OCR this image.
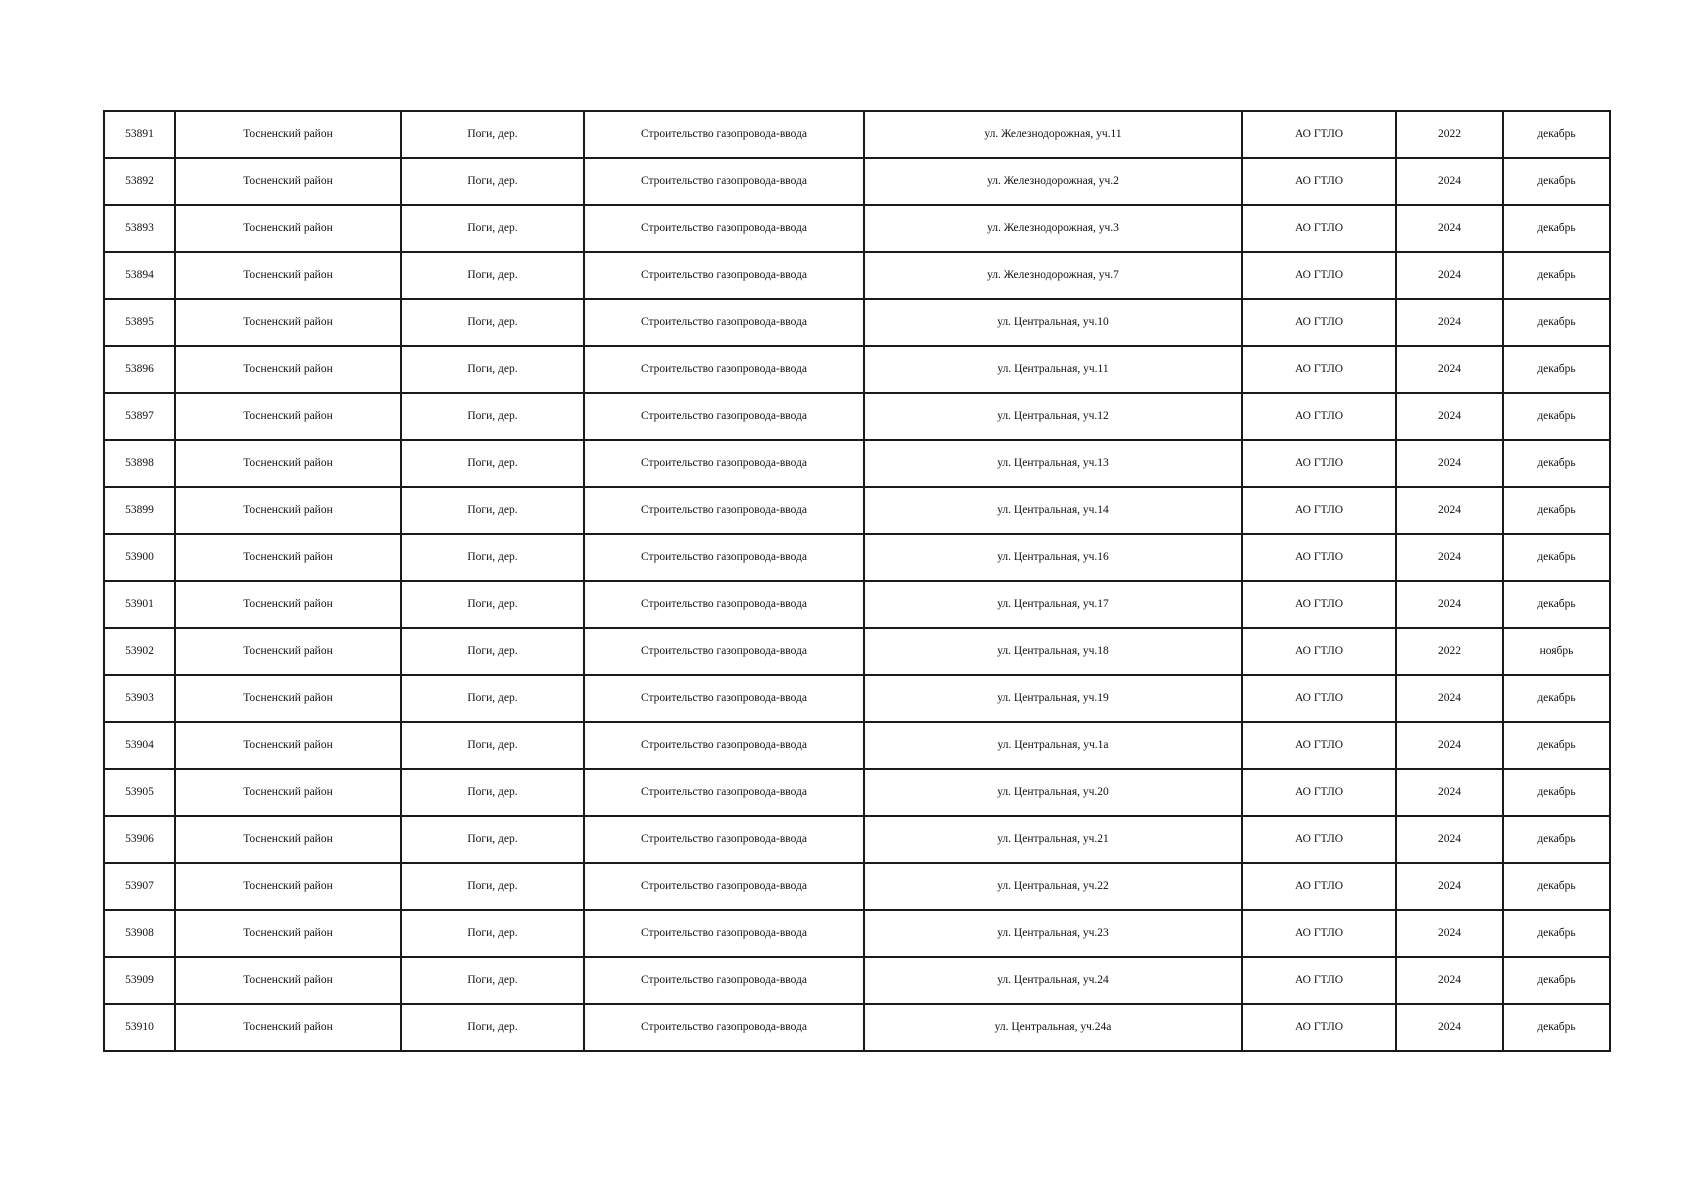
53891	Тосненский район	Поги, дер.	Строительство газопровода-ввода	ул. Железнодорожная, уч.11	АО ГТЛО	2022	декабрь
53892	Тосненский район	Поги, дер.	Строительство газопровода-ввода	ул. Железнодорожная, уч.2	АО ГТЛО	2024	декабрь
53893	Тосненский район	Поги, дер.	Строительство газопровода-ввода	ул. Железнодорожная, уч.3	АО ГТЛО	2024	декабрь
53894	Тосненский район	Поги, дер.	Строительство газопровода-ввода	ул. Железнодорожная, уч.7	АО ГТЛО	2024	декабрь
53895	Тосненский район	Поги, дер.	Строительство газопровода-ввода	ул. Центральная, уч.10	АО ГТЛО	2024	декабрь
53896	Тосненский район	Поги, дер.	Строительство газопровода-ввода	ул. Центральная, уч.11	АО ГТЛО	2024	декабрь
53897	Тосненский район	Поги, дер.	Строительство газопровода-ввода	ул. Центральная, уч.12	АО ГТЛО	2024	декабрь
53898	Тосненский район	Поги, дер.	Строительство газопровода-ввода	ул. Центральная, уч.13	АО ГТЛО	2024	декабрь
53899	Тосненский район	Поги, дер.	Строительство газопровода-ввода	ул. Центральная, уч.14	АО ГТЛО	2024	декабрь
53900	Тосненский район	Поги, дер.	Строительство газопровода-ввода	ул. Центральная, уч.16	АО ГТЛО	2024	декабрь
53901	Тосненский район	Поги, дер.	Строительство газопровода-ввода	ул. Центральная, уч.17	АО ГТЛО	2024	декабрь
53902	Тосненский район	Поги, дер.	Строительство газопровода-ввода	ул. Центральная, уч.18	АО ГТЛО	2022	ноябрь
53903	Тосненский район	Поги, дер.	Строительство газопровода-ввода	ул. Центральная, уч.19	АО ГТЛО	2024	декабрь
53904	Тосненский район	Поги, дер.	Строительство газопровода-ввода	ул. Центральная, уч.1а	АО ГТЛО	2024	декабрь
53905	Тосненский район	Поги, дер.	Строительство газопровода-ввода	ул. Центральная, уч.20	АО ГТЛО	2024	декабрь
53906	Тосненский район	Поги, дер.	Строительство газопровода-ввода	ул. Центральная, уч.21	АО ГТЛО	2024	декабрь
53907	Тосненский район	Поги, дер.	Строительство газопровода-ввода	ул. Центральная, уч.22	АО ГТЛО	2024	декабрь
53908	Тосненский район	Поги, дер.	Строительство газопровода-ввода	ул. Центральная, уч.23	АО ГТЛО	2024	декабрь
53909	Тосненский район	Поги, дер.	Строительство газопровода-ввода	ул. Центральная, уч.24	АО ГТЛО	2024	декабрь
53910	Тосненский район	Поги, дер.	Строительство газопровода-ввода	ул. Центральная, уч.24а	АО ГТЛО	2024	декабрь
